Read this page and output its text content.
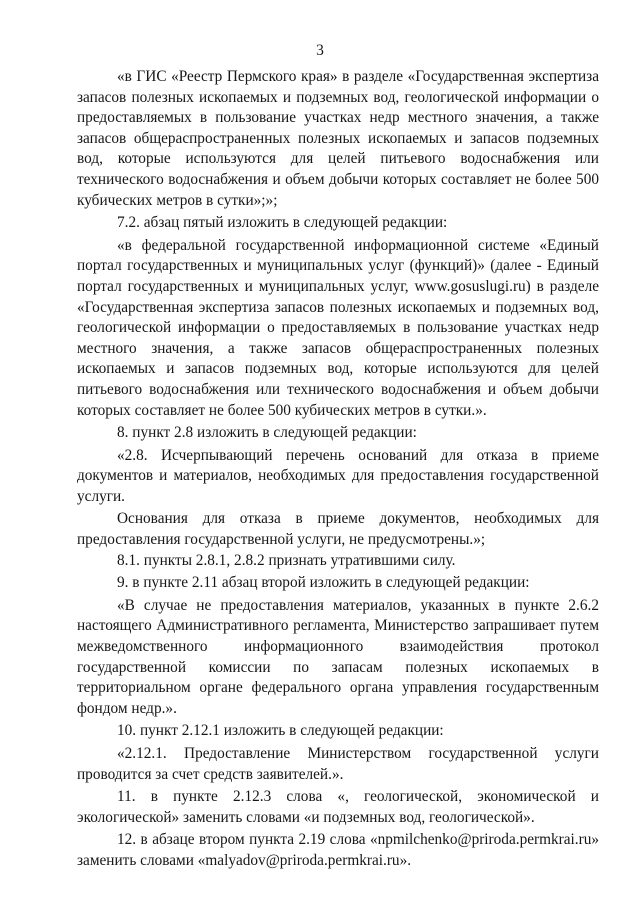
3

«в ГИС «Реестр Пермского края» в разделе «Государственная экспертиза запасов полезных ископаемых и подземных вод, геологической информации о предоставляемых в пользование участках недр местного значения, а также запасов общераспространенных полезных ископаемых и запасов подземных вод, которые используются для целей питьевого водоснабжения или технического водоснабжения и объем добычи которых составляет не более 500 кубических метров в сутки»;»;

7.2. абзац пятый изложить в следующей редакции:

«в федеральной государственной информационной системе «Единый портал государственных и муниципальных услуг (функций)» (далее - Единый портал государственных и муниципальных услуг, www.gosuslugi.ru) в разделе «Государственная экспертиза запасов полезных ископаемых и подземных вод, геологической информации о предоставляемых в пользование участках недр местного значения, а также запасов общераспространенных полезных ископаемых и запасов подземных вод, которые используются для целей питьевого водоснабжения или технического водоснабжения и объем добычи которых составляет не более 500 кубических метров в сутки.».

8. пункт 2.8 изложить в следующей редакции:

«2.8. Исчерпывающий перечень оснований для отказа в приеме документов и материалов, необходимых для предоставления государственной услуги.

Основания для отказа в приеме документов, необходимых для предоставления государственной услуги, не предусмотрены.»;

8.1. пункты 2.8.1, 2.8.2 признать утратившими силу.

9. в пункте 2.11 абзац второй изложить в следующей редакции:

«В случае не предоставления материалов, указанных в пункте 2.6.2 настоящего Административного регламента, Министерство запрашивает путем межведомственного информационного взаимодействия протокол государственной комиссии по запасам полезных ископаемых в территориальном органе федерального органа управления государственным фондом недр.».

10. пункт 2.12.1 изложить в следующей редакции:

«2.12.1. Предоставление Министерством государственной услуги проводится за счет средств заявителей.».

11. в пункте 2.12.3 слова «, геологической, экономической и экологической» заменить словами «и подземных вод, геологической».

12. в абзаце втором пункта 2.19 слова «npmilchenko@priroda.permkrai.ru» заменить словами «malyadov@priroda.permkrai.ru».
